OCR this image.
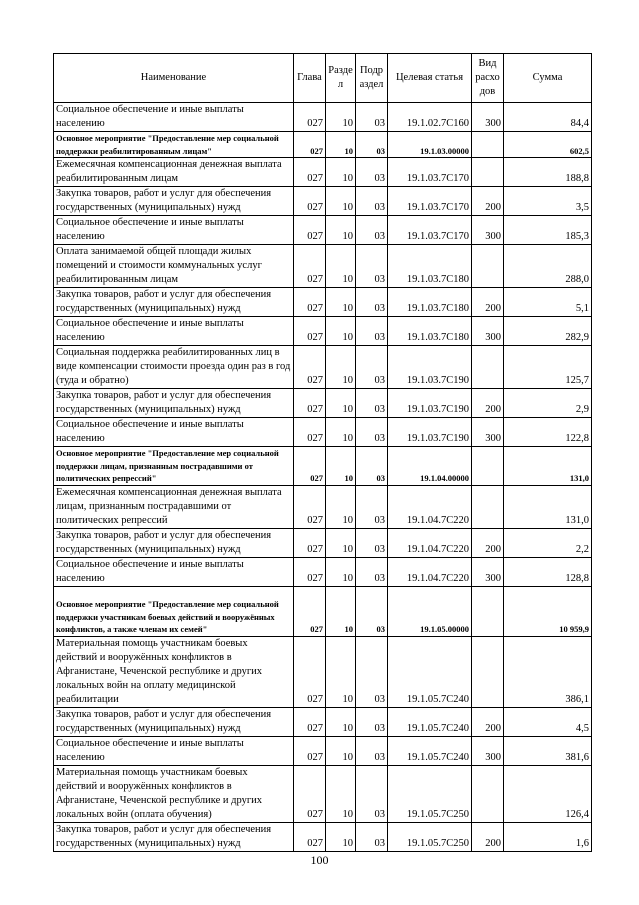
Наименование	Глава	Разде л	Подр аздел	Целевая статья	Вид расхо дов	Сумма
Социальное обеспечение и иные выплаты населению	027	10	03	19.1.02.7С160	300	84,4
Основное мероприятие "Предоставление мер социальной поддержки реабилитированным лицам"	027	10	03	19.1.03.00000		602,5
Ежемесячная компенсационная денежная выплата реабилитированным лицам	027	10	03	19.1.03.7С170		188,8
Закупка товаров, работ и услуг для обеспечения государственных (муниципальных) нужд	027	10	03	19.1.03.7С170	200	3,5
Социальное обеспечение и иные выплаты населению	027	10	03	19.1.03.7С170	300	185,3
Оплата занимаемой общей площади жилых помещений и стоимости коммунальных услуг реабилитированным лицам	027	10	03	19.1.03.7С180		288,0
Закупка товаров, работ и услуг для обеспечения государственных (муниципальных) нужд	027	10	03	19.1.03.7С180	200	5,1
Социальное обеспечение и иные выплаты населению	027	10	03	19.1.03.7С180	300	282,9
Социальная поддержка реабилитированных лиц в виде компенсации стоимости проезда один раз в год (туда и обратно)	027	10	03	19.1.03.7С190		125,7
Закупка товаров, работ и услуг для обеспечения государственных (муниципальных) нужд	027	10	03	19.1.03.7С190	200	2,9
Социальное обеспечение и иные выплаты населению	027	10	03	19.1.03.7С190	300	122,8
Основное мероприятие "Предоставление мер социальной поддержки лицам, признанным пострадавшими от политических репрессий"	027	10	03	19.1.04.00000		131,0
Ежемесячная компенсационная денежная выплата лицам, признанным пострадавшими от политических репрессий	027	10	03	19.1.04.7С220		131,0
Закупка товаров, работ и услуг для обеспечения государственных (муниципальных) нужд	027	10	03	19.1.04.7С220	200	2,2
Социальное обеспечение и иные выплаты населению	027	10	03	19.1.04.7С220	300	128,8
Основное мероприятие "Предоставление мер социальной поддержки участникам боевых действий и вооружённых конфликтов, а также членам их семей"	027	10	03	19.1.05.00000		10 959,9
Материальная помощь участникам боевых действий и вооружённых конфликтов в Афганистане, Чеченской республике и других локальных войн на оплату медицинской реабилитации	027	10	03	19.1.05.7С240		386,1
Закупка товаров, работ и услуг для обеспечения государственных (муниципальных) нужд	027	10	03	19.1.05.7С240	200	4,5
Социальное обеспечение и иные выплаты населению	027	10	03	19.1.05.7С240	300	381,6
Материальная помощь участникам боевых действий и вооружённых конфликтов в Афганистане, Чеченской республике и других локальных войн (оплата обучения)	027	10	03	19.1.05.7С250		126,4
Закупка товаров, работ и услуг для обеспечения государственных (муниципальных) нужд	027	10	03	19.1.05.7С250	200	1,6
100
